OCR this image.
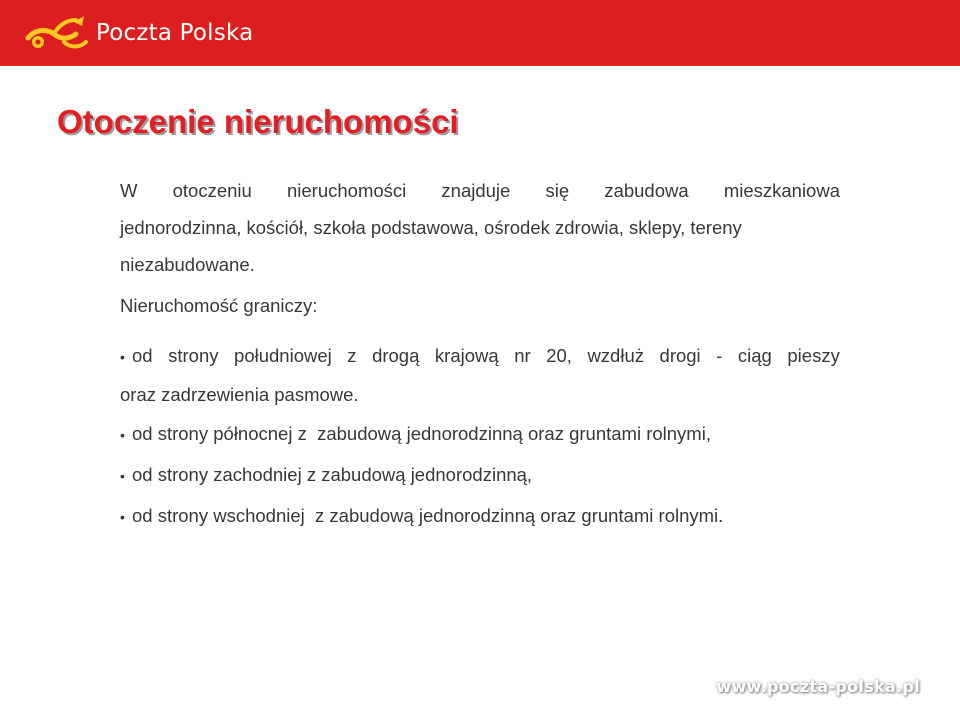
Poczta Polska
Otoczenie nieruchomości
W otoczeniu nieruchomości znajduje się zabudowa mieszkaniowa
jednorodzinna, kościół, szkoła podstawowa, ośrodek zdrowia, sklepy, tereny
niezabudowane.
Nieruchomość graniczy:
• od strony południowej z drogą krajową nr 20, wzdłuż drogi - ciąg pieszy
oraz zadrzewienia pasmowe.
• od strony północnej z  zabudową jednorodzinną oraz gruntami rolnymi,
• od strony zachodniej z zabudową jednorodzinną,
• od strony wschodniej  z zabudową jednorodzinną oraz gruntami rolnymi.
www.poczta-polska.pl
